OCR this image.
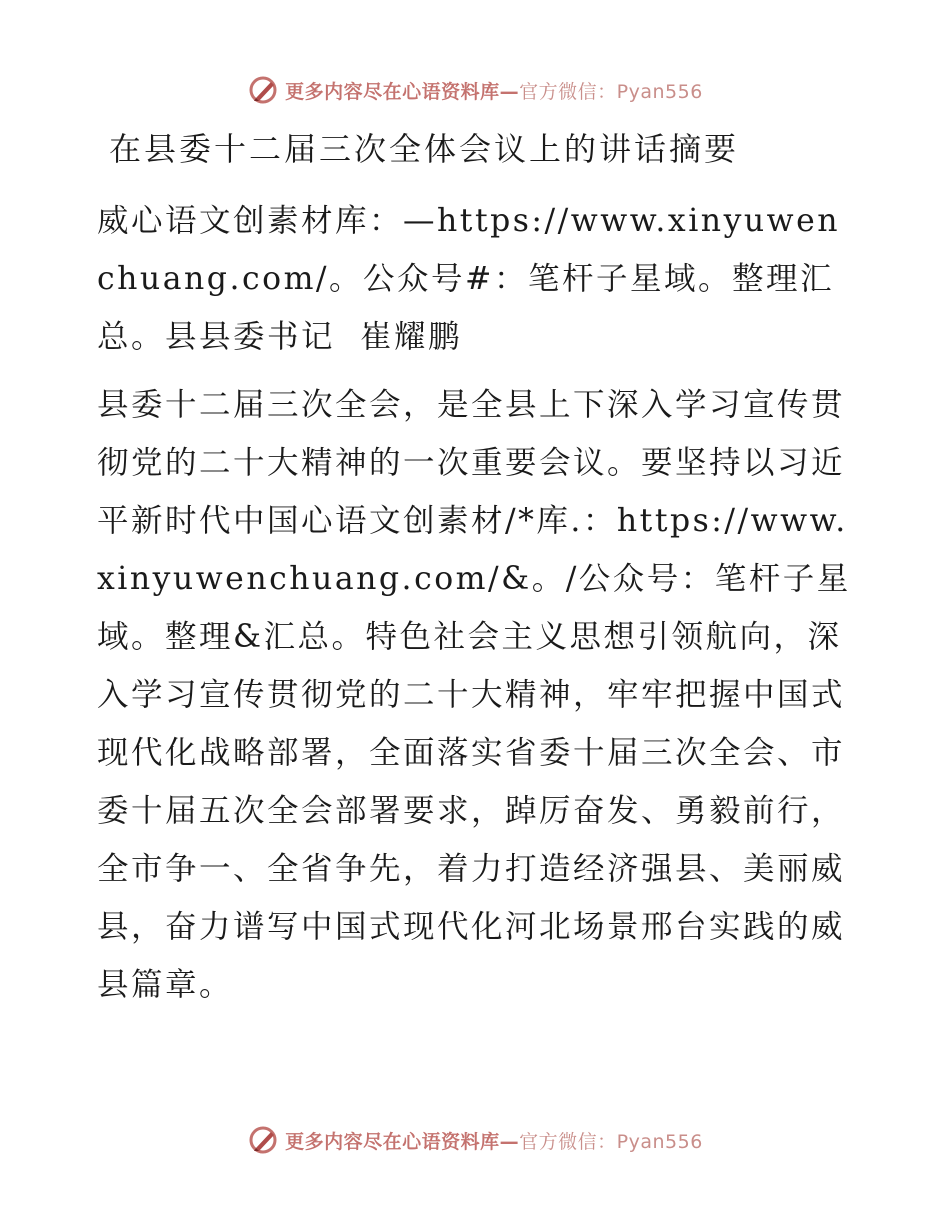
更多内容尽在心语资料库—官方微信：Pyan556
在县委十二届三次全体会议上的讲话摘要

威心语文创素材库：—https://www.xinyuwenchuang.com/。公众号#：笔杆子星域。整理汇总。县县委书记  崔耀鹏

县委十二届三次全会，是全县上下深入学习宣传贯彻党的二十大精神的一次重要会议。要坚持以习近平新时代中国心语文创素材/*库.：https://www.xinyuwenchuang.com/&。/公众号：笔杆子星域。整理&汇总。特色社会主义思想引领航向，深入学习宣传贯彻党的二十大精神，牢牢把握中国式现代化战略部署，全面落实省委十届三次全会、市委十届五次全会部署要求，踔厉奋发、勇毅前行，全市争一、全省争先，着力打造经济强县、美丽威县，奋力谱写中国式现代化河北场景邢台实践的威县篇章。

更多内容尽在心语资料库—官方微信：Pyan556
